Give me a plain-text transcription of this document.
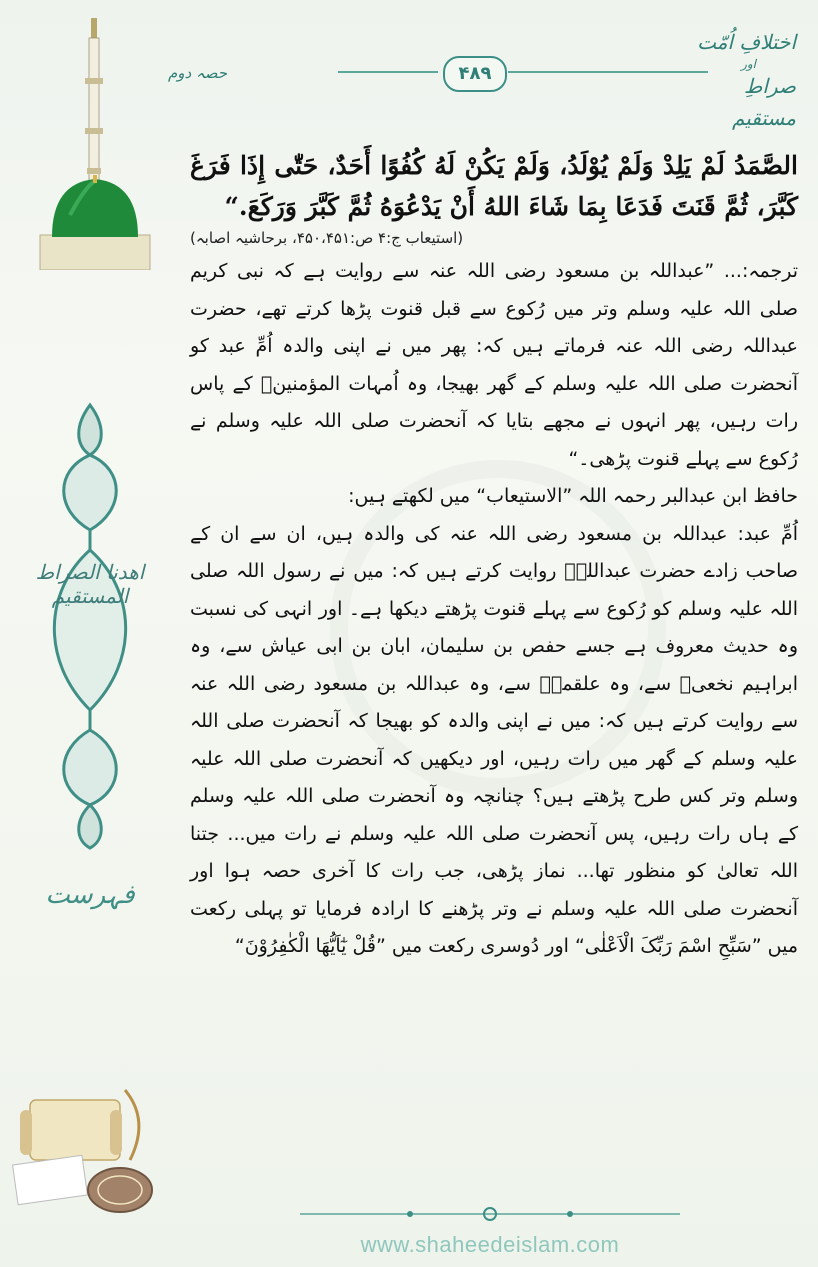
اهدنا الصراط المستقیم
فہرست
اختلافِ اُمّت
اور
صراطِ مستقیم
حصہ دوم	۴۸۹

الصَّمَدُ لَمْ يَلِدْ وَلَمْ يُوْلَدُ، وَلَمْ يَكُنْ لَهُ كُفُوًا أَحَدٌ، حَتّٰى إِذَا فَرَغَ كَبَّرَ، ثُمَّ قَنَتَ فَدَعَا بِمَا شَاءَ اللهُ أَنْ يَدْعُوَهُ ثُمَّ كَبَّرَ وَرَكَعَ.“

(استیعاب ج:۴ ص:۴۵۰،۴۵۱، برحاشیہ اصابہ)

ترجمہ:... ”عبداللہ بن مسعود رضی اللہ عنہ سے روایت ہے کہ نبی کریم صلی اللہ علیہ وسلم وتر میں رُکوع سے قبل قنوت پڑھا کرتے تھے، حضرت عبداللہ رضی اللہ عنہ فرماتے ہیں کہ: پھر میں نے اپنی والدہ اُمِّ عبد کو آنحضرت صلی اللہ علیہ وسلم کے گھر بھیجا، وہ اُمہات المؤمنینؓ کے پاس رات رہیں، پھر انہوں نے مجھے بتایا کہ آنحضرت صلی اللہ علیہ وسلم نے رُکوع سے پہلے قنوت پڑھی۔“

حافظ ابن عبدالبر رحمہ اللہ ”الاستیعاب“ میں لکھتے ہیں:

اُمِّ عبد: عبداللہ بن مسعود رضی اللہ عنہ کی والدہ ہیں، ان سے ان کے صاحب زادے حضرت عبداللہؓ روایت کرتے ہیں کہ: میں نے رسول اللہ صلی اللہ علیہ وسلم کو رُکوع سے پہلے قنوت پڑھتے دیکھا ہے۔ اور انہی کی نسبت وہ حدیث معروف ہے جسے حفص بن سلیمان، ابان بن ابی عیاش سے، وہ ابراہیم نخعیؒ سے، وہ علقمہؒ سے، وہ عبداللہ بن مسعود رضی اللہ عنہ سے روایت کرتے ہیں کہ: میں نے اپنی والدہ کو بھیجا کہ آنحضرت صلی اللہ علیہ وسلم کے گھر میں رات رہیں، اور دیکھیں کہ آنحضرت صلی اللہ علیہ وسلم وتر کس طرح پڑھتے ہیں؟ چنانچہ وہ آنحضرت صلی اللہ علیہ وسلم کے ہاں رات رہیں، پس آنحضرت صلی اللہ علیہ وسلم نے رات میں... جتنا اللہ تعالیٰ کو منظور تھا... نماز پڑھی، جب رات کا آخری حصہ ہوا اور آنحضرت صلی اللہ علیہ وسلم نے وتر پڑھنے کا ارادہ فرمایا تو پہلی رکعت میں ”سَبِّحِ اسْمَ رَبِّکَ الْاَعْلٰی“ اور دُوسری رکعت میں ”قُلْ یٰٓاَیُّھَا الْکٰفِرُوْنَ“

www.shaheedeislam.com
